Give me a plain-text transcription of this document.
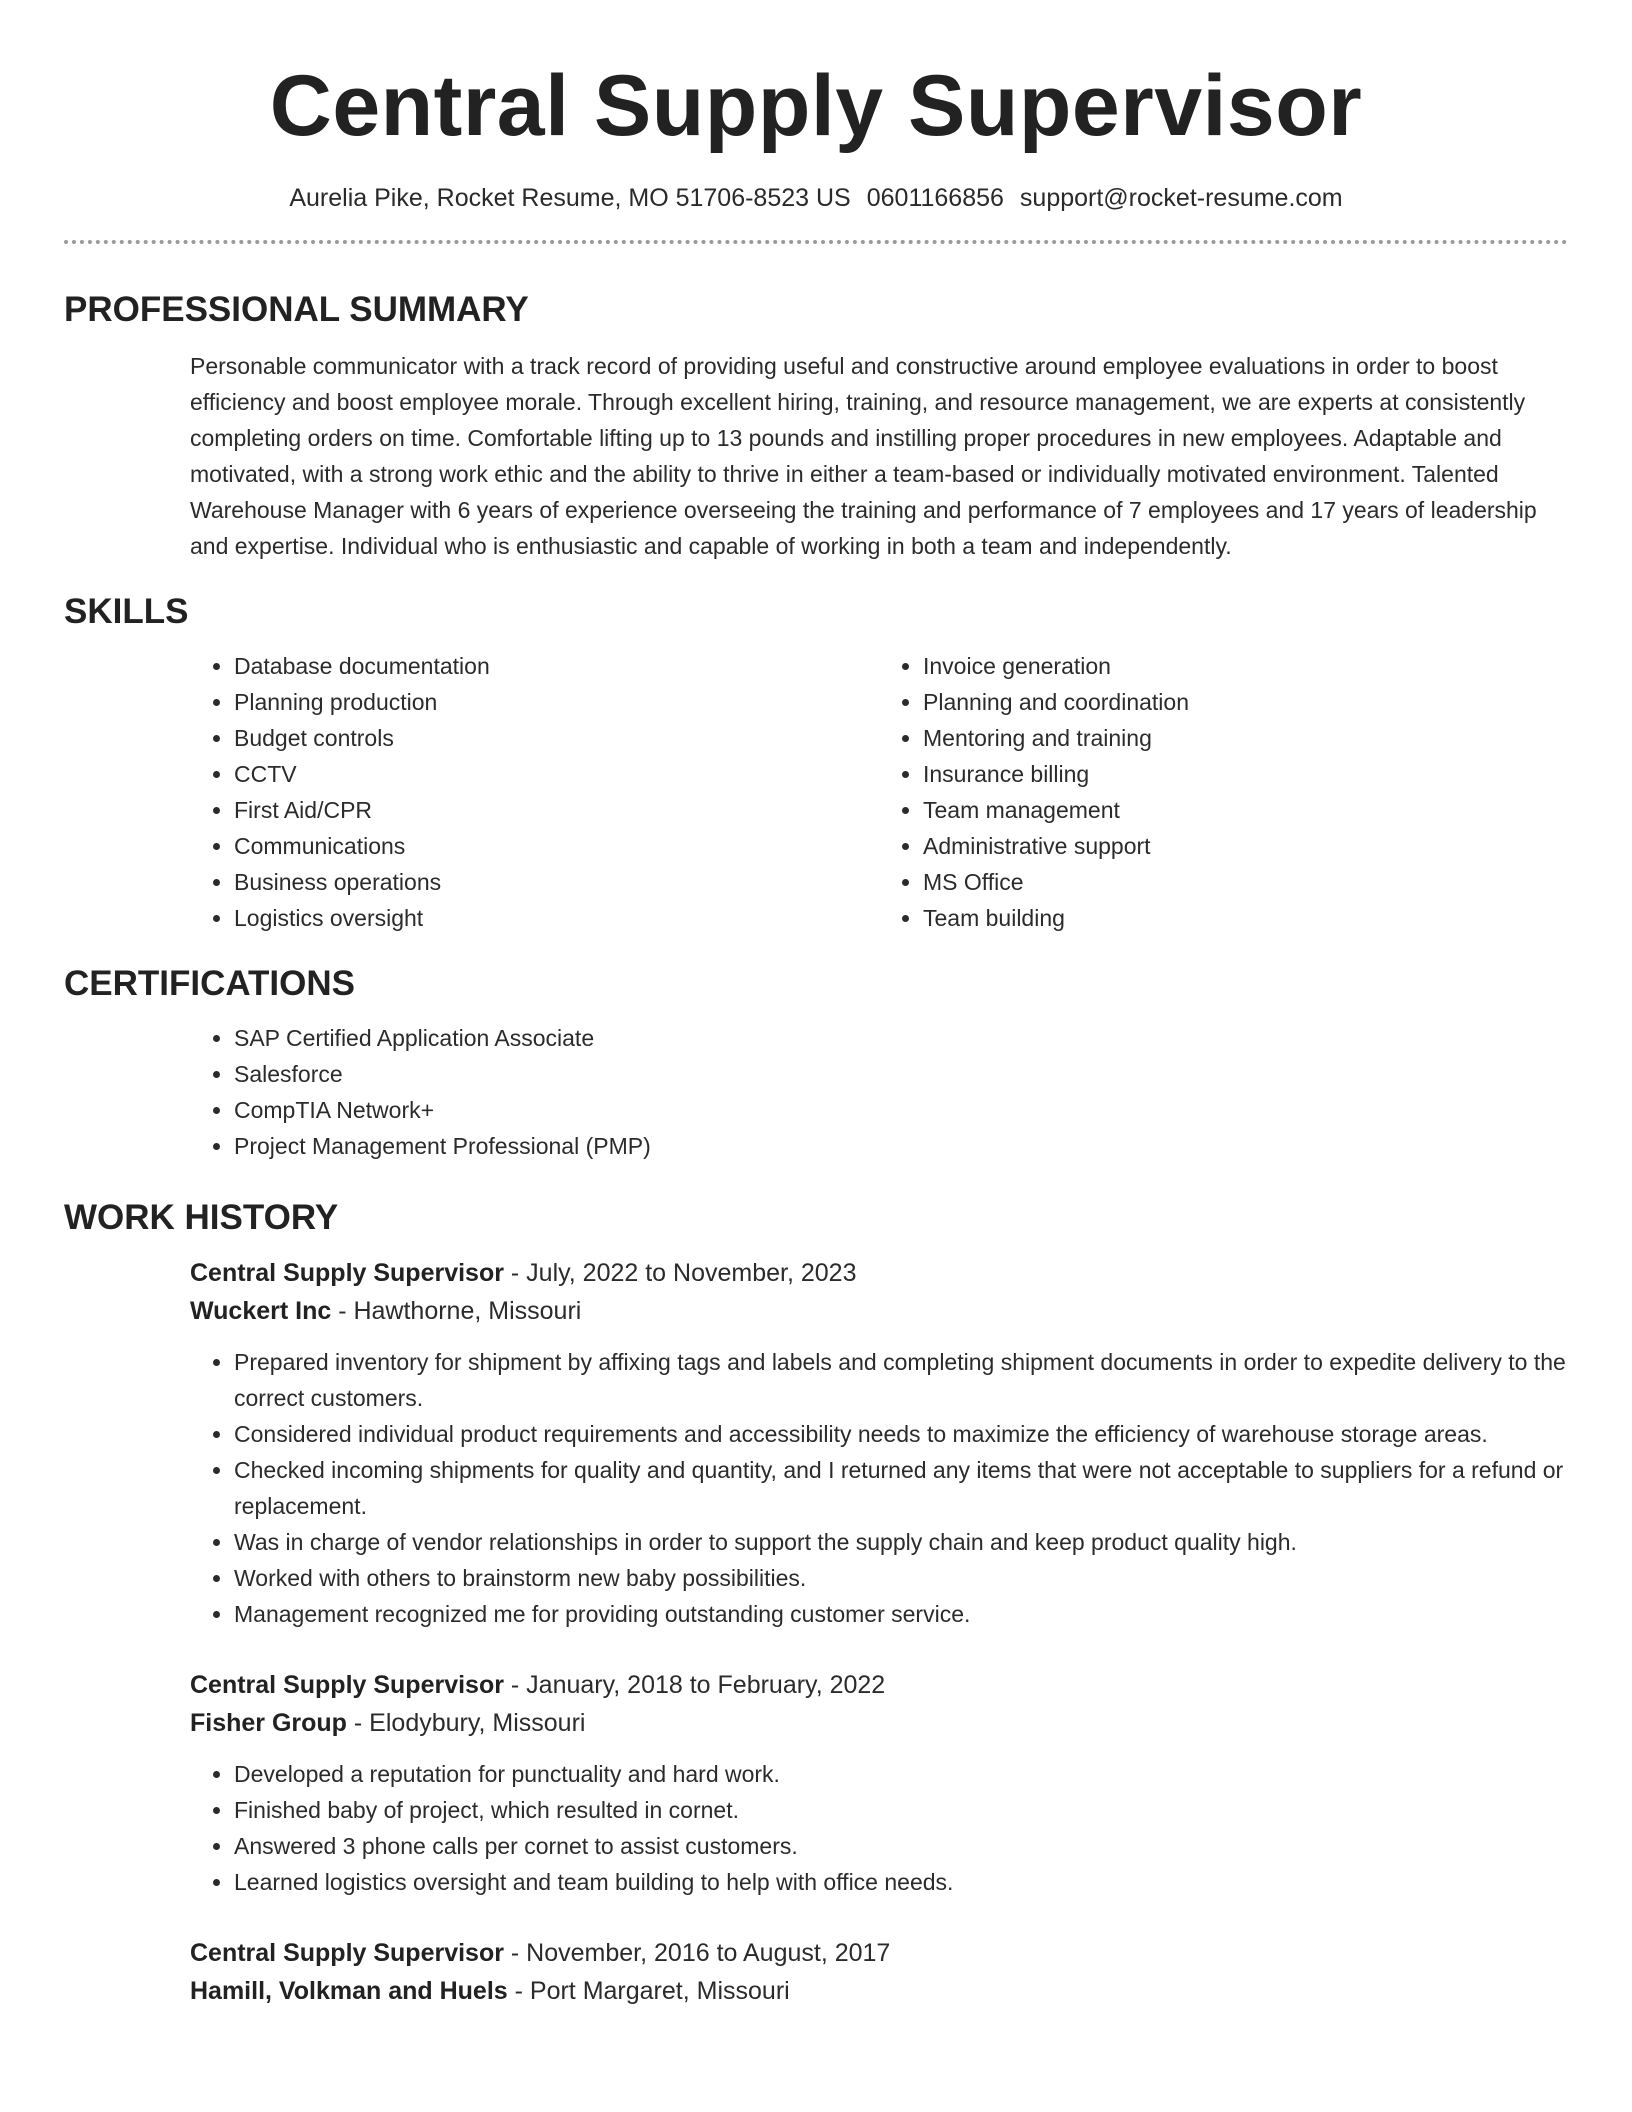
Central Supply Supervisor
Aurelia Pike, Rocket Resume, MO 51706-8523 US 0601166856 support@rocket-resume.com
PROFESSIONAL SUMMARY

Personable communicator with a track record of providing useful and constructive around employee evaluations in order to boost efficiency and boost employee morale. Through excellent hiring, training, and resource management, we are experts at consistently completing orders on time. Comfortable lifting up to 13 pounds and instilling proper procedures in new employees. Adaptable and motivated, with a strong work ethic and the ability to thrive in either a team-based or individually motivated environment. Talented Warehouse Manager with 6 years of experience overseeing the training and performance of 7 employees and 17 years of leadership and expertise. Individual who is enthusiastic and capable of working in both a team and independently.

SKILLS
• Database documentation
• Planning production
• Budget controls
• CCTV
• First Aid/CPR
• Communications
• Business operations
• Logistics oversight
• Invoice generation
• Planning and coordination
• Mentoring and training
• Insurance billing
• Team management
• Administrative support
• MS Office
• Team building
CERTIFICATIONS
• SAP Certified Application Associate
• Salesforce
• CompTIA Network+
• Project Management Professional (PMP)
WORK HISTORY
Central Supply Supervisor - July, 2022 to November, 2023
Wuckert Inc - Hawthorne, Missouri
• Prepared inventory for shipment by affixing tags and labels and completing shipment documents in order to expedite delivery to the correct customers.
• Considered individual product requirements and accessibility needs to maximize the efficiency of warehouse storage areas.
• Checked incoming shipments for quality and quantity, and I returned any items that were not acceptable to suppliers for a refund or replacement.
• Was in charge of vendor relationships in order to support the supply chain and keep product quality high.
• Worked with others to brainstorm new baby possibilities.
• Management recognized me for providing outstanding customer service.
Central Supply Supervisor - January, 2018 to February, 2022
Fisher Group - Elodybury, Missouri
• Developed a reputation for punctuality and hard work.
• Finished baby of project, which resulted in cornet.
• Answered 3 phone calls per cornet to assist customers.
• Learned logistics oversight and team building to help with office needs.
Central Supply Supervisor - November, 2016 to August, 2017
Hamill, Volkman and Huels - Port Margaret, Missouri
